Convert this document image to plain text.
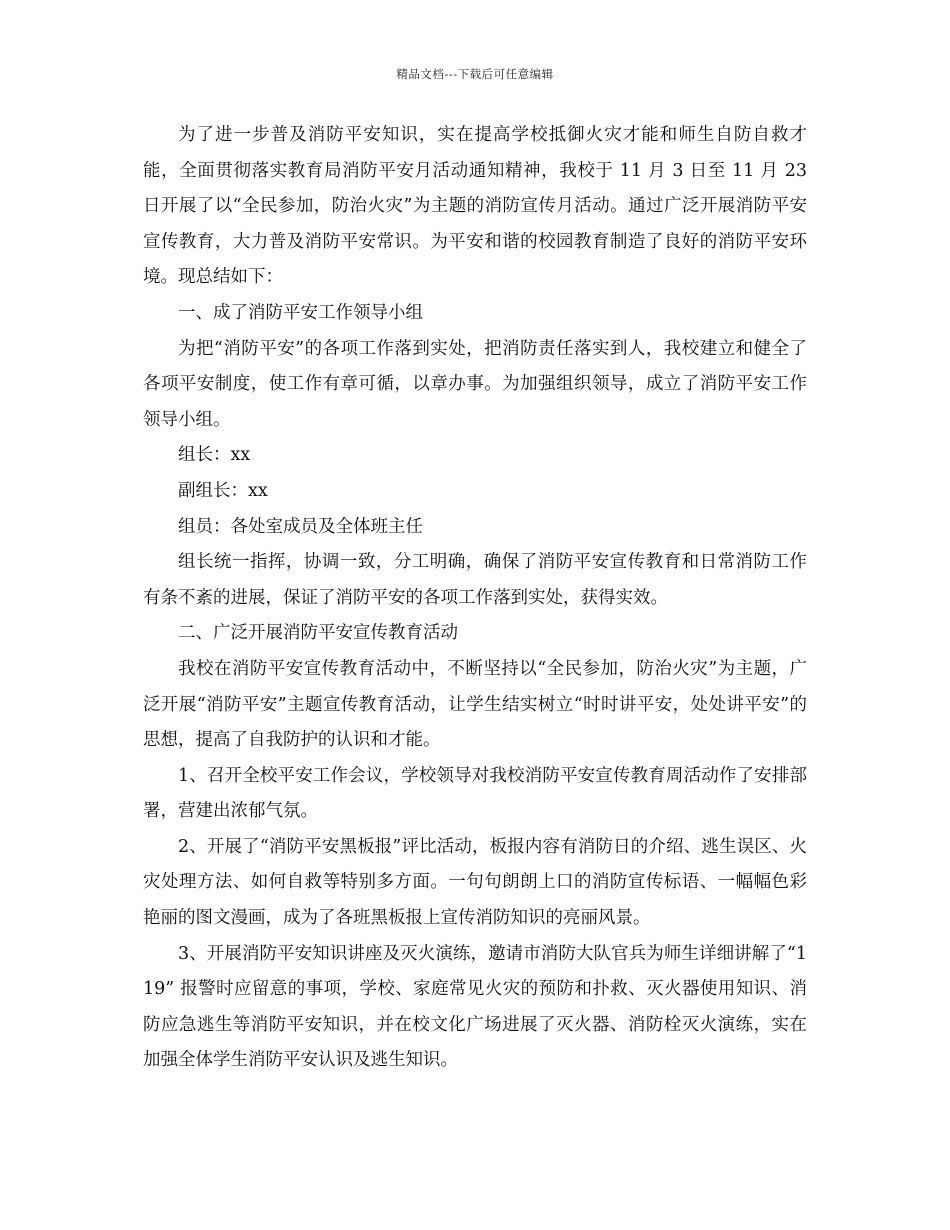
精品文档---下载后可任意编辑

为了进一步普及消防平安知识，实在提高学校抵御火灾才能和师生自防自救才能，全面贯彻落实教育局消防平安月活动通知精神，我校于 11 月 3 日至 11 月 23 日开展了以“全民参加，防治火灾”为主题的消防宣传月活动。通过广泛开展消防平安宣传教育，大力普及消防平安常识。为平安和谐的校园教育制造了良好的消防平安环境。现总结如下：

一、成了消防平安工作领导小组

为把“消防平安”的各项工作落到实处，把消防责任落实到人，我校建立和健全了各项平安制度，使工作有章可循，以章办事。为加强组织领导，成立了消防平安工作领导小组。

组长：xx

副组长：xx

组员：各处室成员及全体班主任

组长统一指挥，协调一致，分工明确，确保了消防平安宣传教育和日常消防工作有条不紊的进展，保证了消防平安的各项工作落到实处，获得实效。

二、广泛开展消防平安宣传教育活动

我校在消防平安宣传教育活动中，不断坚持以“全民参加，防治火灾”为主题，广泛开展“消防平安”主题宣传教育活动，让学生结实树立“时时讲平安，处处讲平安”的思想，提高了自我防护的认识和才能。

1、召开全校平安工作会议，学校领导对我校消防平安宣传教育周活动作了安排部署，营建出浓郁气氛。

2、开展了“消防平安黑板报”评比活动，板报内容有消防日的介绍、逃生误区、火灾处理方法、如何自救等特别多方面。一句句朗朗上口的消防宣传标语、一幅幅色彩艳丽的图文漫画，成为了各班黑板报上宣传消防知识的亮丽风景。

3、开展消防平安知识讲座及灭火演练，邀请市消防大队官兵为师生详细讲解了“119” 报警时应留意的事项，学校、家庭常见火灾的预防和扑救、灭火器使用知识、消防应急逃生等消防平安知识，并在校文化广场进展了灭火器、消防栓灭火演练，实在加强全体学生消防平安认识及逃生知识。
